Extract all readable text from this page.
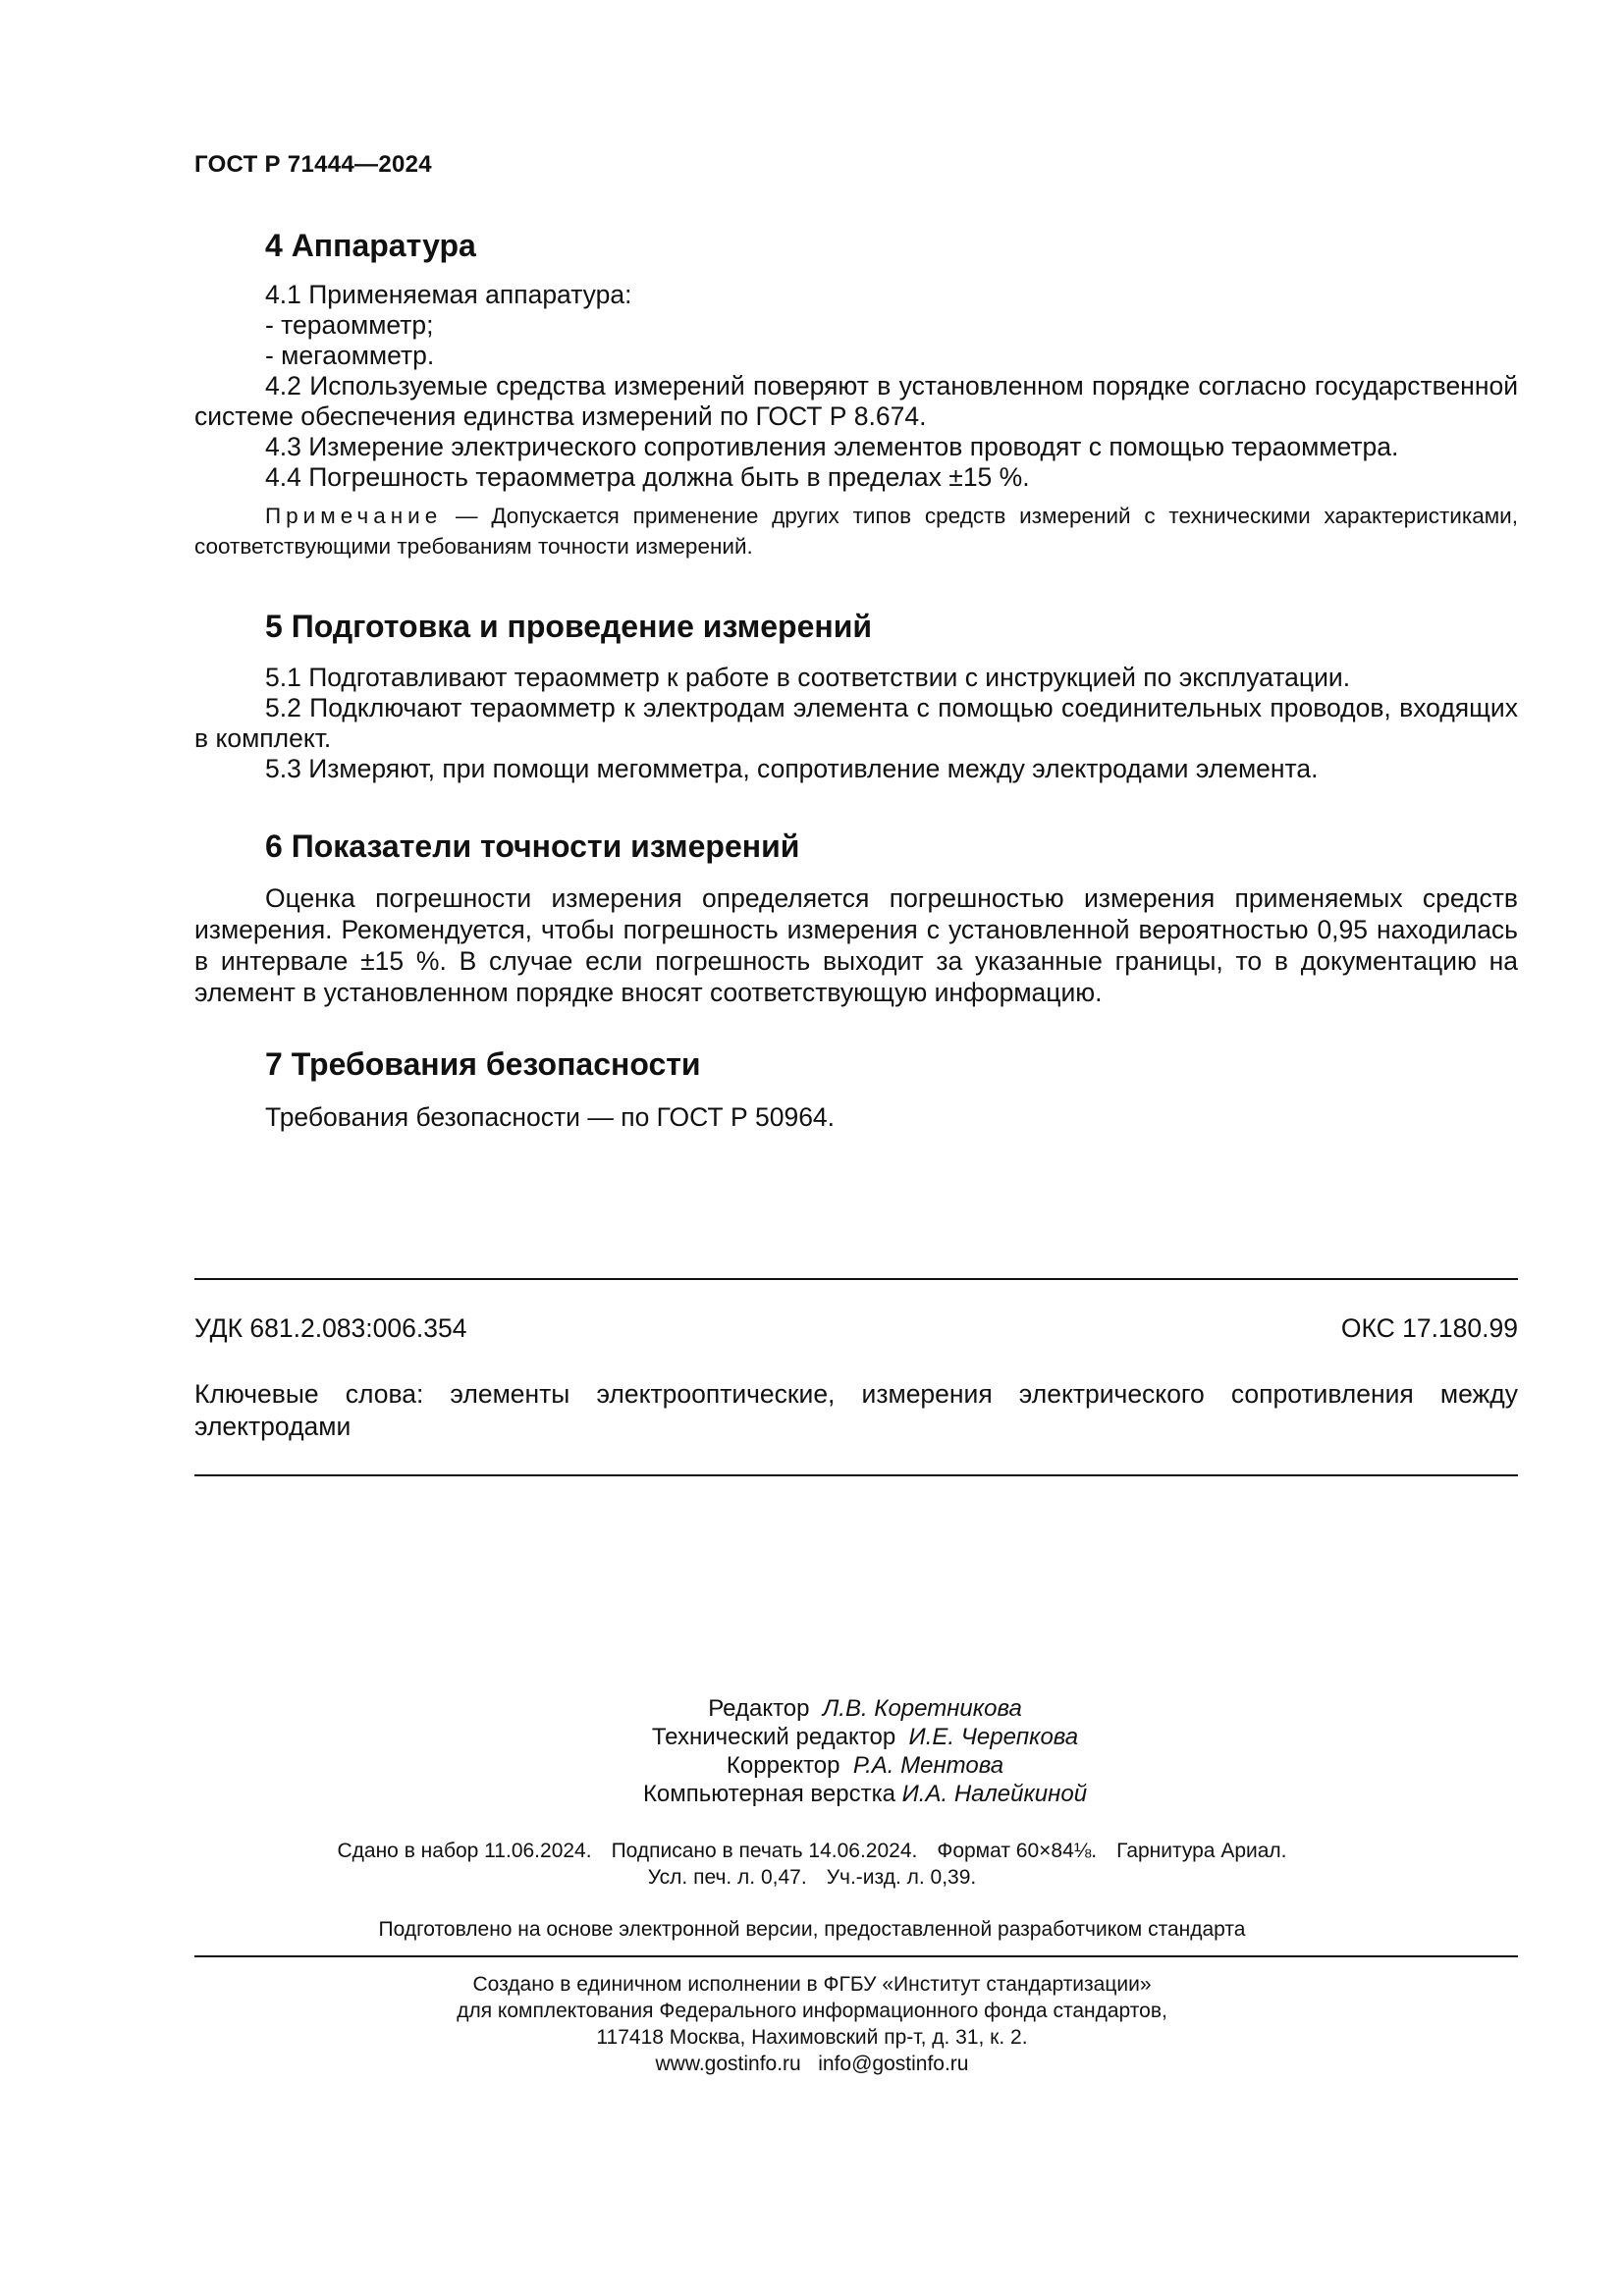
ГОСТ Р 71444—2024
4 Аппаратура

4.1 Применяемая аппаратура:

- тераомметр;

- мегаомметр.

4.2 Используемые средства измерений поверяют в установленном порядке согласно государственной системе обеспечения единства измерений по ГОСТ Р 8.674.

4.3 Измерение электрического сопротивления элементов проводят с помощью тераомметра.

4.4 Погрешность тераомметра должна быть в пределах ±15 %.

Примечание — Допускается применение других типов средств измерений с техническими характеристиками, соответствующими требованиям точности измерений.
5 Подготовка и проведение измерений

5.1 Подготавливают тераомметр к работе в соответствии с инструкцией по эксплуатации.

5.2 Подключают тераомметр к электродам элемента с помощью соединительных проводов, входящих в комплект.

5.3 Измеряют, при помощи мегомметра, сопротивление между электродами элемента.

6 Показатели точности измерений

Оценка погрешности измерения определяется погрешностью измерения применяемых средств измерения. Рекомендуется, чтобы погрешность измерения с установленной вероятностью 0,95 находилась в интервале ±15 %. В случае если погрешность выходит за указанные границы, то в документацию на элемент в установленном порядке вносят соответствующую информацию.

7 Требования безопасности

Требования безопасности — по ГОСТ Р 50964.

УДК 681.2.083:006.354	ОКС 17.180.99
Ключевые слова: элементы электрооптические, измерения электрического сопротивления между электродами
Редактор Л.В. Коретникова
Технический редактор И.Е. Черепкова
Корректор Р.А. Ментова
Компьютерная верстка И.А. Налейкиной
Сдано в набор 11.06.2024. Подписано в печать 14.06.2024. Формат 60×84⅛. Гарнитура Ариал.
Усл. печ. л. 0,47. Уч.-изд. л. 0,39.
Подготовлено на основе электронной версии, предоставленной разработчиком стандарта
Создано в единичном исполнении в ФГБУ «Институт стандартизации»
для комплектования Федерального информационного фонда стандартов,
117418 Москва, Нахимовский пр-т, д. 31, к. 2.
www.gostinfo.ru info@gostinfo.ru
